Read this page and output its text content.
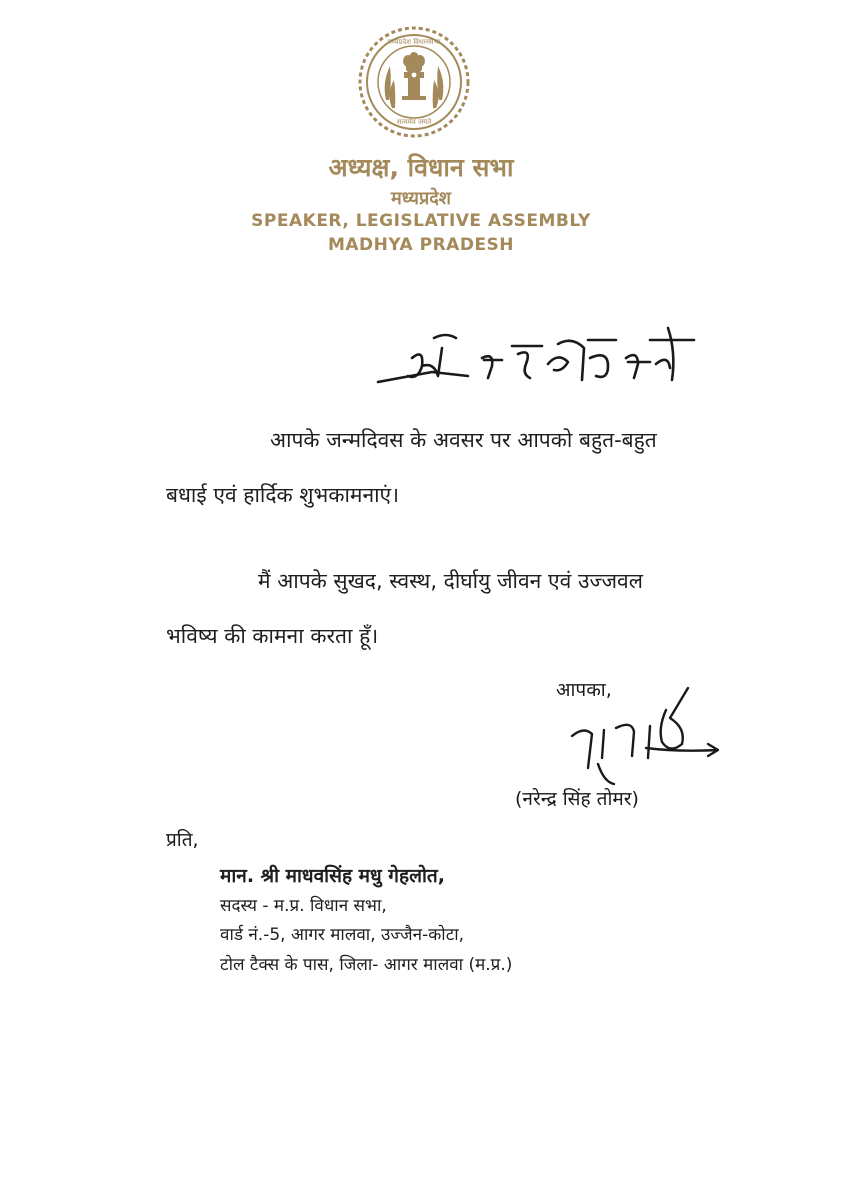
मध्यप्रदेश विधानसभा
सत्यमेव जयते
अध्यक्ष, विधान सभा
मध्यप्रदेश
SPEAKER, LEGISLATIVE ASSEMBLY
MADHYA PRADESH
आपके जन्मदिवस के अवसर पर आपको बहुत-बहुत
बधाई एवं हार्दिक शुभकामनाएं।
मैं आपके सुखद, स्वस्थ, दीर्घायु जीवन एवं उज्जवल
भविष्य की कामना करता हूँ।
आपका,
(नरेन्द्र सिंह तोमर)
प्रति,
मान. श्री माधवसिंह मधु गेहलोत,
सदस्य - म.प्र. विधान सभा,
वार्ड नं.-5, आगर मालवा, उज्जैन-कोटा,
टोल टैक्स के पास, जिला- आगर मालवा (म.प्र.)
